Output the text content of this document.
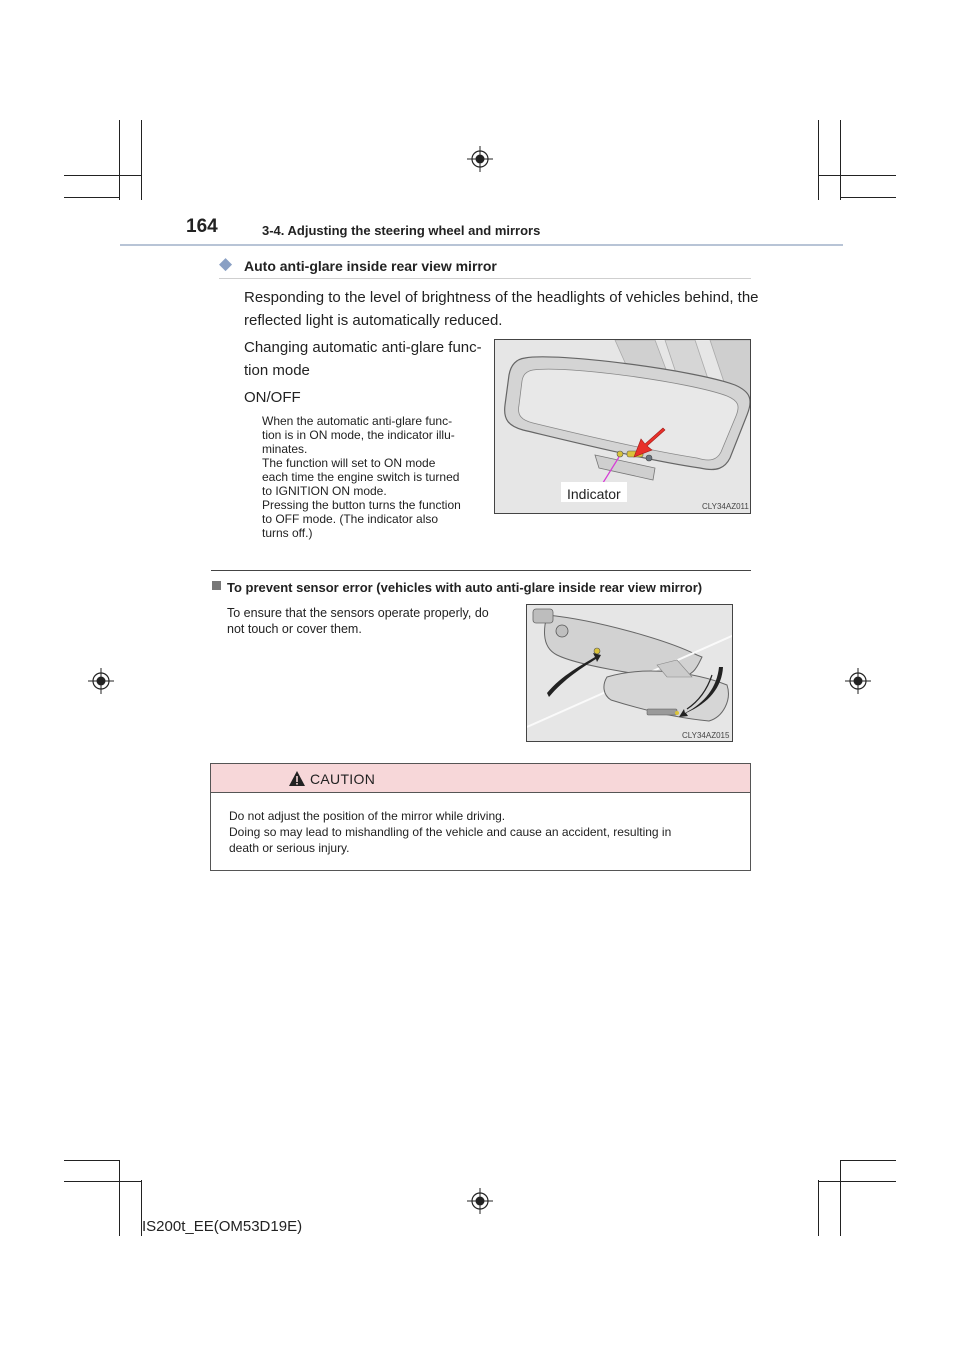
164	3-4. Adjusting the steering wheel and mirrors
◆ Auto anti-glare inside rear view mirror
Responding to the level of brightness of the headlights of vehicles behind, the
reflected light is automatically reduced.
Changing automatic anti-glare func-
tion mode
ON/OFF
When the automatic anti-glare func-
tion is in ON mode, the indicator illu-
minates.
The function will set to ON mode
each time the engine switch is turned
to IGNITION ON mode.
Pressing the button turns the function
to OFF mode. (The indicator also
turns off.)
Indicator
CLY34AZ011
To prevent sensor error (vehicles with auto anti-glare inside rear view mirror)
To ensure that the sensors operate properly, do
not touch or cover them.
CLY34AZ015
CAUTION
Do not adjust the position of the mirror while driving.
Doing so may lead to mishandling of the vehicle and cause an accident, resulting in
death or serious injury.
IS200t_EE(OM53D19E)
